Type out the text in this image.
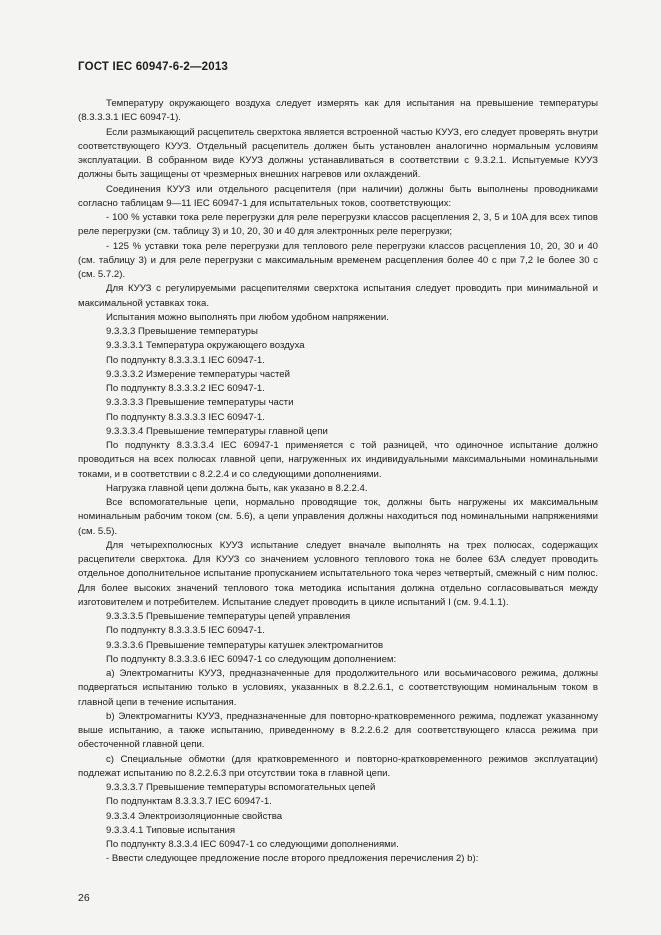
ГОСТ IEC 60947-6-2—2013

Температуру окружающего воздуха следует измерять как для испытания на превышение температуры (8.3.3.3.1 IEC 60947-1).

Если размыкающий расцепитель сверхтока является встроенной частью КУУЗ, его следует проверять внутри соответствующего КУУЗ. Отдельный расцепитель должен быть установлен аналогично нормальным условиям эксплуатации. В собранном виде КУУЗ должны устанавливаться в соответствии с 9.3.2.1. Испытуемые КУУЗ должны быть защищены от чрезмерных внешних нагревов или охлаждений.

Соединения КУУЗ или отдельного расцепителя (при наличии) должны быть выполнены проводниками согласно таблицам 9—11 IEC 60947-1 для испытательных токов, соответствующих:

- 100 % уставки тока реле перегрузки для реле перегрузки классов расцепления 2, 3, 5 и 10A для всех типов реле перегрузки (см. таблицу 3) и 10, 20, 30 и 40 для электронных реле перегрузки;

- 125 % уставки тока реле перегрузки для теплового реле перегрузки классов расцепления 10, 20, 30 и 40 (см. таблицу 3) и для реле перегрузки с максимальным временем расцепления более 40 с при 7,2 Ie более 30 с (см. 5.7.2).

Для КУУЗ с регулируемыми расцепителями сверхтока испытания следует проводить при минимальной и максимальной уставках тока.

Испытания можно выполнять при любом удобном напряжении.

9.3.3.3 Превышение температуры

9.3.3.3.1 Температура окружающего воздуха

По подпункту 8.3.3.3.1 IEC 60947-1.

9.3.3.3.2 Измерение температуры частей

По подпункту 8.3.3.3.2 IEC 60947-1.

9.3.3.3.3 Превышение температуры части

По подпункту 8.3.3.3.3 IEC 60947-1.

9.3.3.3.4 Превышение температуры главной цепи

По подпункту 8.3.3.3.4 IEC 60947-1 применяется с той разницей, что одиночное испытание должно проводиться на всех полюсах главной цепи, нагруженных их индивидуальными максимальными номинальными токами, и в соответствии с 8.2.2.4 и со следующими дополнениями.

Нагрузка главной цепи должна быть, как указано в 8.2.2.4.

Все вспомогательные цепи, нормально проводящие ток, должны быть нагружены их максимальным номинальным рабочим током (см. 5.6), а цепи управления должны находиться под номинальными напряжениями (см. 5.5).

Для четырехполюсных КУУЗ испытание следует вначале выполнять на трех полюсах, содержащих расцепители сверхтока. Для КУУЗ со значением условного теплового тока не более 63А следует проводить отдельное дополнительное испытание пропусканием испытательного тока через четвертый, смежный с ним полюс. Для более высоких значений теплового тока методика испытания должна отдельно согласовываться между изготовителем и потребителем. Испытание следует проводить в цикле испытаний I (см. 9.4.1.1).

9.3.3.3.5 Превышение температуры цепей управления

По подпункту 8.3.3.3.5 IEC 60947-1.

9.3.3.3.6 Превышение температуры катушек электромагнитов

По подпункту 8.3.3.3.6 IEC 60947-1 со следующим дополнением:

a) Электромагниты КУУЗ, предназначенные для продолжительного или восьмичасового режима, должны подвергаться испытанию только в условиях, указанных в 8.2.2.6.1, с соответствующим номинальным током в главной цепи в течение испытания.

b) Электромагниты КУУЗ, предназначенные для повторно-кратковременного режима, подлежат указанному выше испытанию, а также испытанию, приведенному в 8.2.2.6.2 для соответствующего класса режима при обесточенной главной цепи.

c) Специальные обмотки (для кратковременного и повторно-кратковременного режимов эксплуатации) подлежат испытанию по 8.2.2.6.3 при отсутствии тока в главной цепи.

9.3.3.3.7 Превышение температуры вспомогательных цепей

По подпунктам 8.3.3.3.7 IEC 60947-1.

9.3.3.4 Электроизоляционные свойства

9.3.3.4.1 Типовые испытания

По подпункту 8.3.3.4 IEC 60947-1 со следующими дополнениями.

- Ввести следующее предложение после второго предложения перечисления 2) b):

26
